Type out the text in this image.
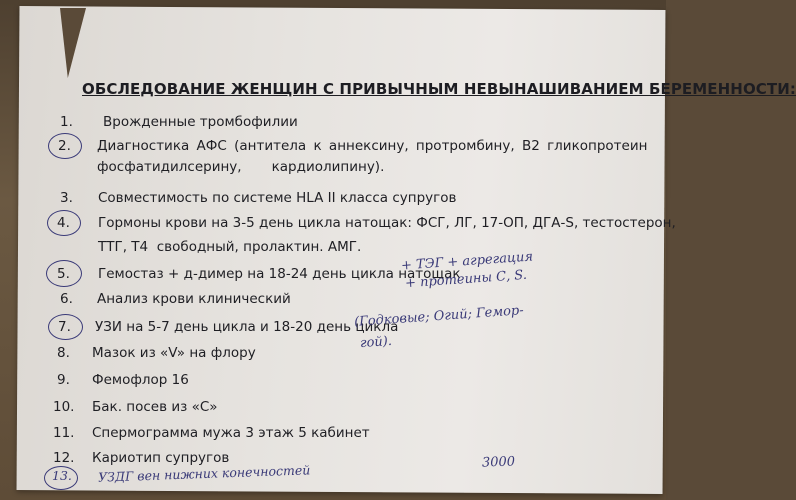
ОБСЛЕДОВАНИЕ ЖЕНЩИН С ПРИВЫЧНЫМ НЕВЫНАШИВАНИЕМ БЕРЕМЕННОСТИ:
1. Врожденные тромбофилии
2. Диагностика АФС (антитела к аннексину, протромбину, В2 гликопротеин
фосфатидилсерину,       кардиолипину).
3. Совместимость по системе HLA II класса супругов
4. Гормоны крови на 3-5 день цикла натощак: ФСГ, ЛГ, 17-ОП, ДГА-S, тестостерон,
ТТГ, Т4  свободный, пролактин. АМГ.
5. Гемостаз + д-димер на 18-24 день цикла натощак
+ ТЭГ + агрегация
+ протеины С, S.
6. Анализ крови клинический
7. УЗИ на 5-7 день цикла и 18-20 день цикла
(Годковые; Огий; Гемор-
гой).
8. Мазок из «V» на флору
9. Фемофлор 16
10. Бак. посев из «С»
11. Спермограмма мужа 3 этаж 5 кабинет
12. Кариотип супругов
13. УЗДГ вен нижних конечностей	3000
